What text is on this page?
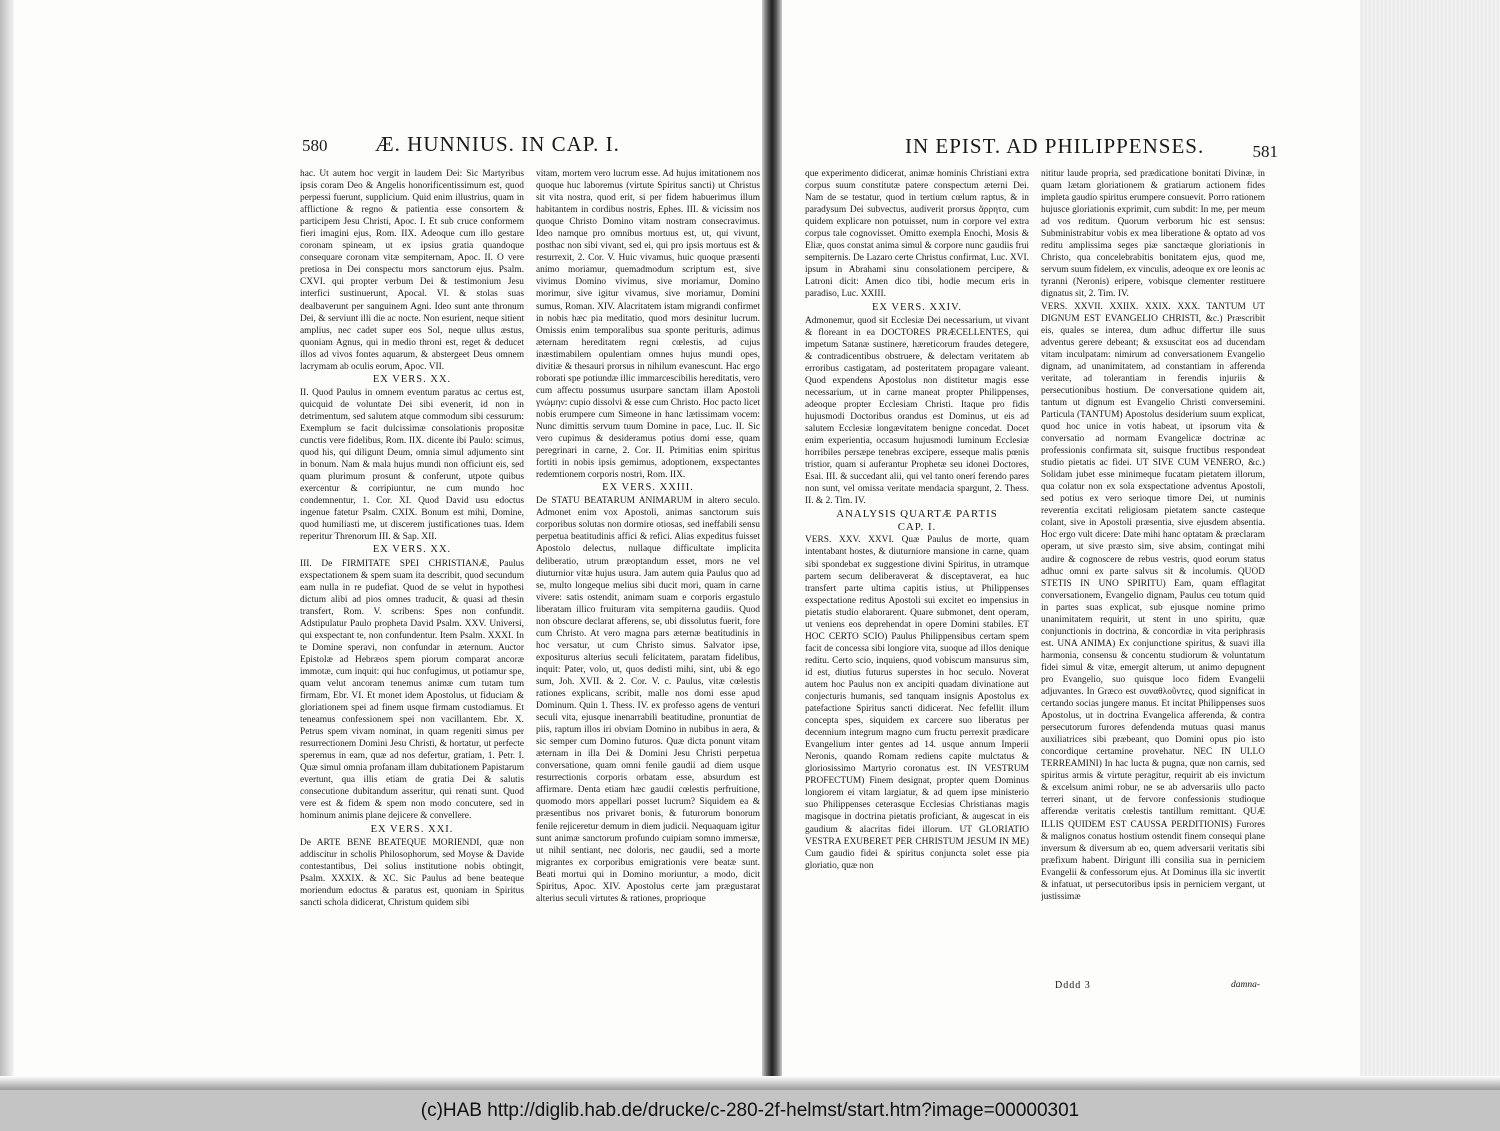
580 Æ. HUNNIUS. IN CAP. I.

hac. Ut autem hoc vergit in laudem Dei: Sic Martyribus ipsis coram Deo & Angelis honorificentissimum est, quod perpessi fuerunt, supplicium. Quid enim illustrius, quam in afflictione & regno & patientia esse consortem & participem Jesu Christi, Apoc. I. Et sub cruce conformem fieri imagini ejus, Rom. IIX. Adeoque cum illo gestare coronam spineam, ut ex ipsius gratia quandoque consequare coronam vitæ sempiternam, Apoc. II. O vere pretiosa in Dei conspectu mors sanctorum ejus. Psalm. CXVI. qui propter verbum Dei & testimonium Jesu interfici sustinuerunt, Apocal. VI. & stolas suas dealbaverunt per sanguinem Agni. Ideo sunt ante thronum Dei, & serviunt illi die ac nocte. Non esurient, neque sitient amplius, nec cadet super eos Sol, neque ullus æstus, quoniam Agnus, qui in medio throni est, reget & deducet illos ad vivos fontes aquarum, & abstergeet Deus omnem lacrymam ab oculis eorum, Apoc. VII.

EX VERS. XX.

II. Quod Paulus in omnem eventum paratus ac certus est, quicquid de voluntate Dei sibi evenerit, id non in detrimentum, sed salutem atque commodum sibi cessurum: Exemplum se facit dulcissimæ consolationis propositæ cunctis vere fidelibus, Rom. IIX. dicente ibi Paulo: scimus, quod his, qui diligunt Deum, omnia simul adjumento sint in bonum. Nam & mala hujus mundi non officiunt eis, sed quam plurimum prosunt & conferunt, utpote quibus exercentur & corripiuntur, ne cum mundo hoc condemnentur, 1. Cor. XI. Quod David usu edoctus ingenue fatetur Psalm. CXIX. Bonum est mihi, Domine, quod humiliasti me, ut discerem justificationes tuas. Idem reperitur Threnorum III. & Sap. XII.

EX VERS. XX.

III. De FIRMITATE SPEI CHRISTIANÆ, Paulus exspectationem & spem suam ita describit, quod secundum eam nulla in re pudefiat. Quod de se velut in hypothesi dictum alibi ad pios omnes traducit, & quasi ad thesin transfert, Rom. V. scribens: Spes non confundit. Adstipulatur Paulo propheta David Psalm. XXV. Universi, qui exspectant te, non confundentur. Item Psalm. XXXI. In te Domine speravi, non confundar in æternum. Auctor Epistolæ ad Hebræos spem piorum comparat ancoræ immotæ, cum inquit: qui huc confugimus, ut potiamur spe, quam velut ancoram tenemus animæ cum tutam tum firmam, Ebr. VI. Et monet idem Apostolus, ut fiduciam & gloriationem spei ad finem usque firmam custodiamus. Et teneamus confessionem spei non vacillantem. Ebr. X. Petrus spem vivam nominat, in quam regeniti simus per resurrectionem Domini Jesu Christi, & hortatur, ut perfecte speremus in eam, quæ ad nos defertur, gratiam, 1. Petr. I. Quæ simul omnia profanam illam dubitationem Papistarum evertunt, qua illis etiam de gratia Dei & salutis consecutione dubitandum asseritur, qui renati sunt. Quod vere est & fidem & spem non modo concutere, sed in hominum animis plane dejicere & convellere.

EX VERS. XXI.

De ARTE BENE BEATEQUE MORIENDI, quæ non addiscitur in scholis Philosophorum, sed Moyse & Davide contestantibus, Dei solius institutione nobis obtingit, Psalm. XXXIX. & XC. Sic Paulus ad bene beateque moriendum edoctus & paratus est, quoniam in Spiritus sancti schola didicerat, Christum quidem sibi

vitam, mortem vero lucrum esse. Ad hujus imitationem nos quoque huc laboremus (virtute Spiritus sancti) ut Christus sit vita nostra, quod erit, si per fidem habuerimus illum habitantem in cordibus nostris, Ephes. III. & vicissim nos quoque Christo Domino vitam nostram consecravimus. Ideo namque pro omnibus mortuus est, ut, qui vivunt, posthac non sibi vivant, sed ei, qui pro ipsis mortuus est & resurrexit, 2. Cor. V. Huic vivamus, huic quoque præsenti animo moriamur, quemadmodum scriptum est, sive vivimus Domino vivimus, sive moriamur, Domino morimur, sive igitur vivamus, sive moriamur, Domini sumus, Roman. XIV. Alacritatem istam migrandi confirmet in nobis hæc pia meditatio, quod mors desinitur lucrum. Omissis enim temporalibus sua sponte perituris, adimus æternam hereditatem regni cœlestis, ad cujus inæstimabilem opulentiam omnes hujus mundi opes, divitiæ & thesauri prorsus in nihilum evanescunt. Hac ergo roborati spe potiundæ illic immarcescibilis hereditatis, vero cum affectu possumus usurpare sanctam illam Apostoli γνώμην: cupio dissolvi & esse cum Christo. Hoc pacto licet nobis erumpere cum Simeone in hanc lætissimam vocem: Nunc dimittis servum tuum Domine in pace, Luc. II. Sic vero cupimus & desideramus potius domi esse, quam peregrinari in carne, 2. Cor. II. Primitias enim spiritus fortiti in nobis ipsis gemimus, adoptionem, exspectantes redemtionem corporis nostri, Rom. IIX.

EX VERS. XXIII.

De STATU BEATARUM ANIMARUM in altero seculo. Admonet enim vox Apostoli, animas sanctorum suis corporibus solutas non dormire otiosas, sed ineffabili sensu perpetua beatitudinis affici & refici. Alias expeditus fuisset Apostolo delectus, nullaque difficultate implicita deliberatio, utrum præoptandum esset, mors ne vel diuturnior vitæ hujus usura. Jam autem quia Paulus quo ad se, multo longeque melius sibi ducit mori, quam in carne vivere: satis ostendit, animam suam e corporis ergastulo liberatam illico fruituram vita sempiterna gaudiis. Quod non obscure declarat afferens, se, ubi dissolutus fuerit, fore cum Christo. At vero magna pars æternæ beatitudinis in hoc versatur, ut cum Christo simus. Salvator ipse, expositurus alterius seculi felicitatem, paratam fidelibus, inquit: Pater, volo, ut, quos dedisti mihi, sint, ubi & ego sum, Joh. XVII. & 2. Cor. V. c. Paulus, vitæ cœlestis rationes explicans, scribit, malle nos domi esse apud Dominum. Quin 1. Thess. IV. ex professo agens de venturi seculi vita, ejusque inenarrabili beatitudine, pronuntiat de piis, raptum illos iri obviam Domino in nubibus in aera, & sic semper cum Domino futuros. Quæ dicta ponunt vitam æternam in illa Dei & Domini Jesu Christi perpetua conversatione, quam omni fenile gaudii ad diem usque resurrectionis corporis orbatam esse, absurdum est affirmare. Denta etiam hæc gaudii cœlestis perfruitione, quomodo mors appellari posset lucrum? Siquidem ea & præsentibus nos privaret bonis, & futurorum bonorum fenile rejiceretur demum in diem judicii. Nequaquam igitur sunt animæ sanctorum profundo cuipiam somno immersæ, ut nihil sentiant, nec doloris, nec gaudii, sed a morte migrantes ex corporibus emigrationis vere beatæ sunt. Beati mortui qui in Domino moriuntur, a modo, dicit Spiritus, Apoc. XIV. Apostolus certe jam prægustarat alterius seculi virtutes & rationes, proprioque

IN EPIST. AD PHILIPPENSES.	581

que experimento didicerat, animæ hominis Christiani extra corpus suum constitutæ patere conspectum æterni Dei. Nam de se testatur, quod in tertium cœlum raptus, & in paradysum Dei subvectus, audiverit prorsus ἄρρητα, cum quidem explicare non potuisset, num in corpore vel extra corpus tale cognovisset. Omitto exempla Enochi, Mosis & Eliæ, quos constat anima simul & corpore nunc gaudiis frui sempiternis. De Lazaro certe Christus confirmat, Luc. XVI. ipsum in Abrahami sinu consolationem percipere, & Latroni dicit: Amen dico tibi, hodie mecum eris in paradiso, Luc. XXIII.

EX VERS. XXIV.

Admonemur, quod sit Ecclesiæ Dei necessarium, ut vivant & floreant in ea DOCTORES PRÆCELLENTES, qui impetum Satanæ sustinere, hæreticorum fraudes detegere, & contradicentibus obstruere, & delectam veritatem ab erroribus castigatam, ad posteritatem propagare valeant. Quod expendens Apostolus non distitetur magis esse necessarium, ut in carne maneat propter Philippenses, adeoque propter Ecclesiam Christi. Itaque pro fidis hujusmodi Doctoribus orandus est Dominus, ut eis ad salutem Ecclesiæ longævitatem benigne concedat. Docet enim experientia, occasum hujusmodi luminum Ecclesiæ horribiles persæpe tenebras excipere, esseque malis pœnis tristior, quam si auferantur Prophetæ seu idonei Doctores, Esai. III. & succedant alii, qui vel tanto onerí ferendo pares non sunt, vel omissa veritate mendacia spargunt, 2. Thess. II. & 2. Tim. IV.

ANALYSIS QUARTÆ PARTIS

CAP. I.

VERS. XXV. XXVI. Quæ Paulus de morte, quam intentabant hostes, & diuturniore mansione in carne, quam sibi spondebat ex suggestione divini Spiritus, in utramque partem secum deliberaverat & disceptaverat, ea huc transfert parte ultima capitis istius, ut Philippenses exspectatione reditus Apostoli sui excitet eo impensius in pietatis studio elaborarent. Quare submonet, dent operam, ut veniens eos deprehendat in opere Domini stabiles. ET HOC CERTO SCIO) Paulus Philippensibus certam spem facit de concessa sibi longiore vita, suoque ad illos denique reditu. Certo scio, inquiens, quod vobiscum mansurus sim, id est, diutius futurus superstes in hoc seculo. Noverat autem hoc Paulus non ex ancipiti quadam divinatione aut conjecturis humanis, sed tanquam insignis Apostolus ex patefactione Spiritus sancti didicerat. Nec fefellit illum concepta spes, siquidem ex carcere suo liberatus per decennium integrum magno cum fructu perrexit prædicare Evangelium inter gentes ad 14. usque annum Imperii Neronis, quando Romam rediens capite mulctatus & gloriosissimo Martyrio coronatus est. IN VESTRUM PROFECTUM) Finem designat, propter quem Dominus longiorem ei vitam largiatur, & ad quem ipse ministerio suo Philippenses ceterasque Ecclesias Christianas magis magisque in doctrina pietatis proficiant, & augescat in eis gaudium & alacritas fidei illorum. UT GLORIATIO VESTRA EXUBERET PER CHRISTUM JESUM IN ME) Cum gaudio fidei & spiritus conjuncta solet esse pia gloriatio, quæ non

nititur laude propria, sed prædicatione bonitati Divinæ, in quam lætam gloriationem & gratiarum actionem fides impleta gaudio spiritus erumpere consuevit. Porro rationem hujusce gloriationis exprimit, cum subdit: In me, per meum ad vos reditum. Quorum verborum hic est sensus: Subministrabitur vobis ex mea liberatione & optato ad vos reditu amplissima seges piæ sanctæque gloriationis in Christo, qua concelebrabitis bonitatem ejus, quod me, servum suum fidelem, ex vinculis, adeoque ex ore leonis ac tyranni (Neronis) eripere, vobisque clementer restituere dignatus sit, 2. Tim. IV.

VERS. XXVII. XXIIX. XXIX. XXX. TANTUM UT DIGNUM EST EVANGELIO CHRISTI, &c.) Præscribit eis, quales se interea, dum adhuc differtur ille suus adventus gerere debeant; & exsuscitat eos ad ducendam vitam inculpatam: nimirum ad conversationem Evangelio dignam, ad unanimitatem, ad constantiam in afferenda veritate, ad tolerantiam in ferendis injuriis & persecutionibus hostium. De conversatione quidem ait, tantum ut dignum est Evangelio Christi conversemini. Particula (TANTUM) Apostolus desiderium suum explicat, quod hoc unice in votis habeat, ut ipsorum vita & conversatio ad normam Evangelicæ doctrinæ ac professionis confirmata sit, suisque fructibus respondeat studio pietatis ac fidei. UT SIVE CUM VENERO, &c.) Solidam jubet esse minimeque fucatam pietatem illorum, qua colatur non ex sola exspectatione adventus Apostoli, sed potius ex vero serioque timore Dei, ut numinis reverentia excitati religiosam pietatem sancte casteque colant, sive in Apostoli præsentia, sive ejusdem absentia. Hoc ergo vult dicere: Date mihi hanc optatam & præclaram operam, ut sive præsto sim, sive absim, contingat mihi audire & cognoscere de rebus vestris, quod eorum status adhuc omni ex parte salvus sit & incolumis. QUOD STETIS IN UNO SPIRITU) Eam, quam efflagitat conversationem, Evangelio dignam, Paulus ceu totum quid in partes suas explicat, sub ejusque nomine primo unanimitatem requirit, ut stent in uno spiritu, quæ conjunctionis in doctrina, & concordiæ in vita periphrasis est. UNA ANIMA) Ex conjunctione spiritus, & suavi illa harmonia, consensu & concentu studiorum & voluntatum fidei simul & vitæ, emergit alterum, ut animo depugnent pro Evangelio, suo quisque loco fidem Evangelii adjuvantes. In Græco est συναθλοῦντες, quod significat in certando socias jungere manus. Et incitat Philippenses suos Apostolus, ut in doctrina Evangelica afferenda, & contra persecutorum furores defendenda mutuas quasi manus auxiliatrices sibi præbeant, quo Domini opus pio isto concordique certamine provehatur. NEC IN ULLO TERREAMINI) In hac lucta & pugna, quæ non carnis, sed spiritus armis & virtute peragitur, requirit ab eis invictum & excelsum animi robur, ne se ab adversariis ullo pacto terreri sinant, ut de fervore confessionis studioque afferendæ veritatis cœlestis tantillum remittant. QUÆ ILLIS QUIDEM EST CAUSSA PERDITIONIS) Furores & malignos conatus hostium ostendit finem consequi plane inversum & diversum ab eo, quem adversarii veritatis sibi præfixum habent. Dirigunt illi consilia sua in perniciem Evangelii & confessorum ejus. At Dominus illa sic invertit & infatuat, ut persecutoribus ipsis in perniciem vergant, ut justissimæ

Dddd 3	damna-
(c)HAB http://diglib.hab.de/drucke/c-280-2f-helmst/start.htm?image=00000301
